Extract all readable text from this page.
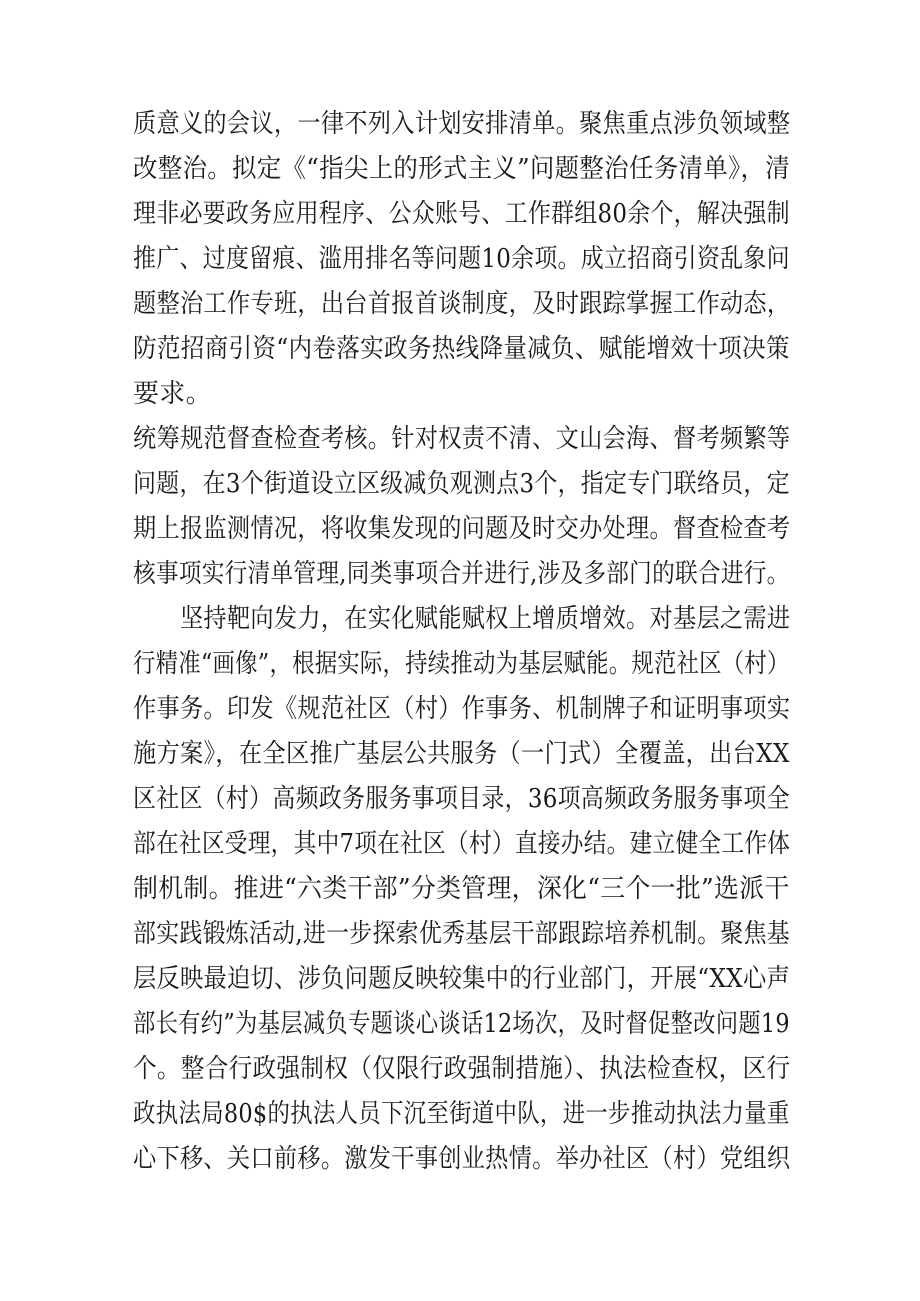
质意义的会议，一律不列入计划安排清单。聚焦重点涉负领域整
改整治。拟定《“指尖上的形式主义”问题整治任务清单》，清
理非必要政务应用程序、公众账号、工作群组80余个，解决强制
推广、过度留痕、滥用排名等问题10余项。成立招商引资乱象问
题整治工作专班，出台首报首谈制度，及时跟踪掌握工作动态，
防范招商引资“内卷落实政务热线降量减负、赋能增效十项决策
要求。
统筹规范督查检查考核。针对权责不清、文山会海、督考频繁等
问题，在3个街道设立区级减负观测点3个，指定专门联络员，定
期上报监测情况，将收集发现的问题及时交办处理。督查检查考
核事项实行清单管理,同类事项合并进行,涉及多部门的联合进行。
　　坚持靶向发力，在实化赋能赋权上增质增效。对基层之需进
行精准“画像”，根据实际，持续推动为基层赋能。规范社区（村）
作事务。印发《规范社区（村）作事务、机制牌子和证明事项实
施方案》，在全区推广基层公共服务（一门式）全覆盖，出台XX
区社区（村）高频政务服务事项目录，36项高频政务服务事项全
部在社区受理，其中7项在社区（村）直接办结。建立健全工作体
制机制。推进“六类干部”分类管理，深化“三个一批”选派干
部实践锻炼活动,进一步探索优秀基层干部跟踪培养机制。聚焦基
层反映最迫切、涉负问题反映较集中的行业部门，开展“XX心声
部长有约”为基层减负专题谈心谈话12场次，及时督促整改问题19
个。整合行政强制权（仅限行政强制措施）、执法检查权，区行
政执法局80$的执法人员下沉至街道中队，进一步推动执法力量重
心下移、关口前移。激发干事创业热情。举办社区（村）党组织
